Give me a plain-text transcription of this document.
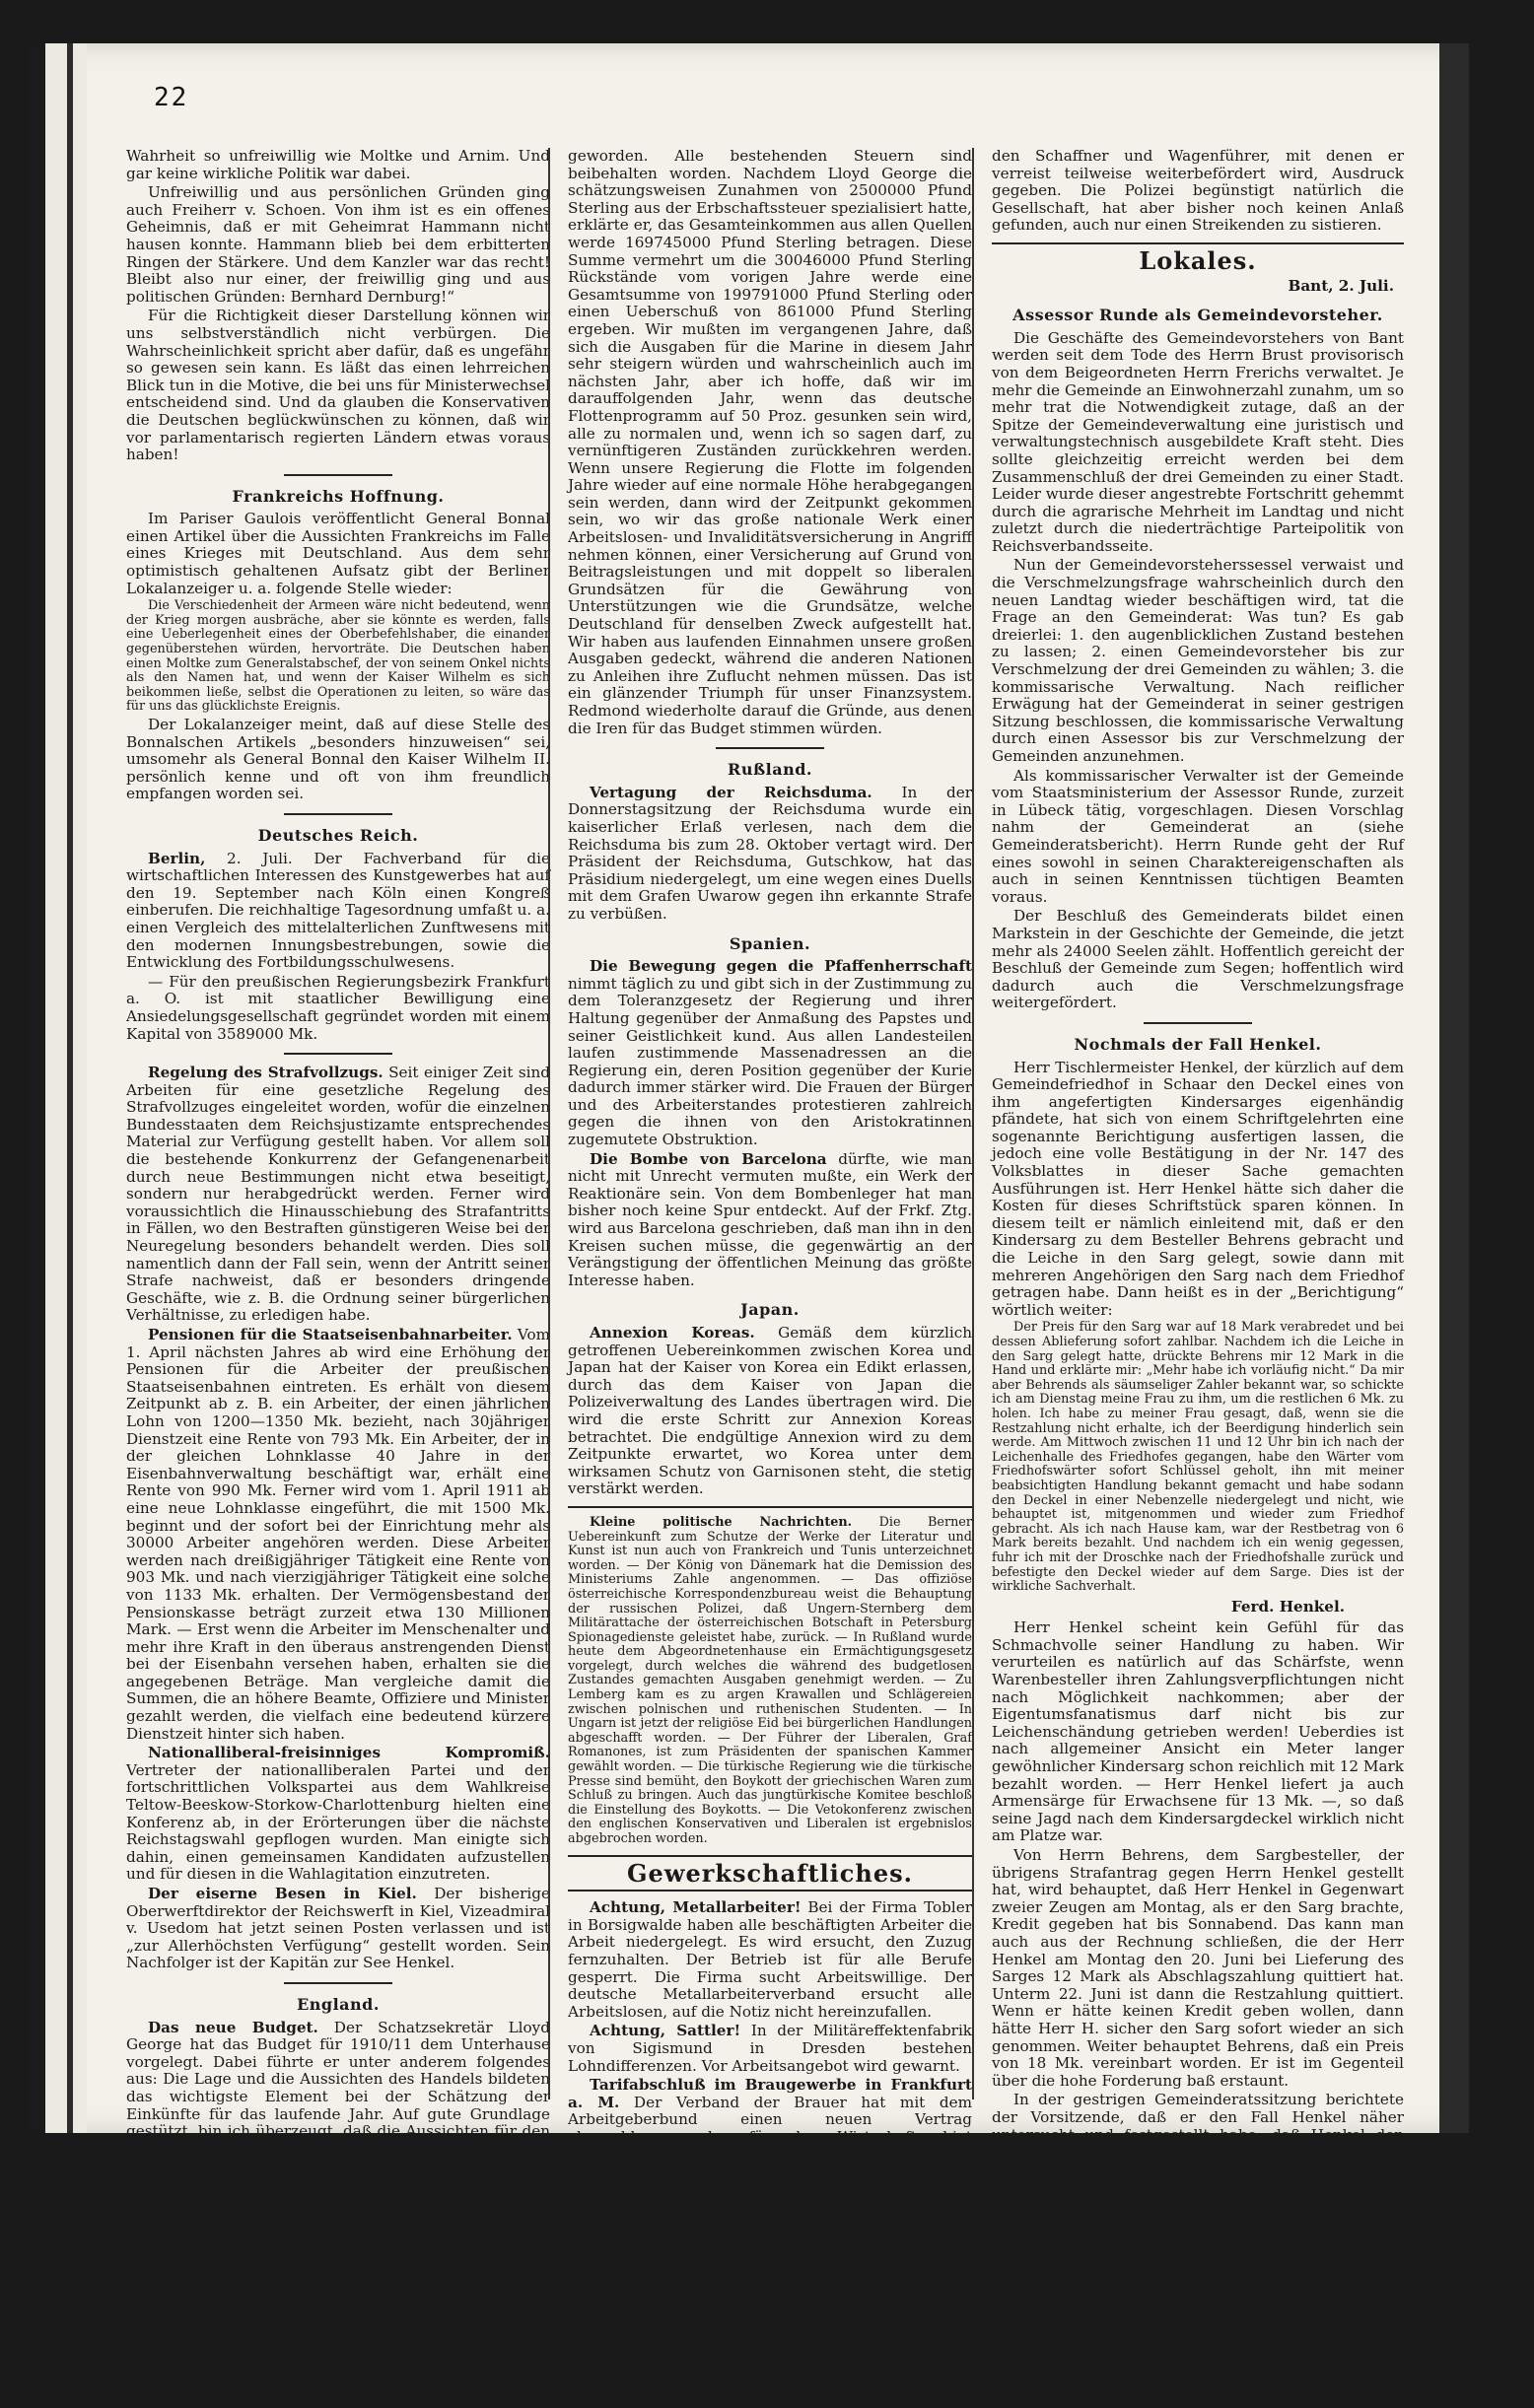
22

Wahrheit so unfreiwillig wie Moltke und Arnim. Und gar keine wirkliche Politik war dabei.

Unfreiwillig und aus persönlichen Gründen ging auch Freiherr v. Schoen. Von ihm ist es ein offenes Geheimnis, daß er mit Geheimrat Hammann nicht hausen konnte. Hammann blieb bei dem erbitterten Ringen der Stärkere. Und dem Kanzler war das recht! Bleibt also nur einer, der freiwillig ging und aus politischen Gründen: Bernhard Dernburg!“

Für die Richtigkeit dieser Darstellung können wir uns selbstverständlich nicht verbürgen. Die Wahrscheinlichkeit spricht aber dafür, daß es ungefähr so gewesen sein kann. Es läßt das einen lehrreichen Blick tun in die Motive, die bei uns für Ministerwechsel entscheidend sind. Und da glauben die Konservativen die Deutschen beglückwünschen zu können, daß wir vor parlamentarisch regierten Ländern etwas voraus haben!

Frankreichs Hoffnung.

Im Pariser Gaulois veröffentlicht General Bonnal einen Artikel über die Aussichten Frankreichs im Falle eines Krieges mit Deutschland. Aus dem sehr optimistisch gehaltenen Aufsatz gibt der Berliner Lokalanzeiger u. a. folgende Stelle wieder:

Die Verschiedenheit der Armeen wäre nicht bedeutend, wenn der Krieg morgen ausbräche, aber sie könnte es werden, falls eine Ueberlegenheit eines der Oberbefehlshaber, die einander gegenüberstehen würden, hervorträte. Die Deutschen haben einen Moltke zum Generalstabschef, der von seinem Onkel nichts als den Namen hat, und wenn der Kaiser Wilhelm es sich beikommen ließe, selbst die Operationen zu leiten, so wäre das für uns das glücklichste Ereignis.

Der Lokalanzeiger meint, daß auf diese Stelle des Bonnalschen Artikels „besonders hinzuweisen“ sei, umsomehr als General Bonnal den Kaiser Wilhelm II. persönlich kenne und oft von ihm freundlich empfangen worden sei.

Deutsches Reich.

Berlin, 2. Juli. Der Fachverband für die wirtschaftlichen Interessen des Kunstgewerbes hat auf den 19. September nach Köln einen Kongreß einberufen. Die reichhaltige Tagesordnung umfaßt u. a. einen Vergleich des mittelalterlichen Zunftwesens mit den modernen Innungsbestrebungen, sowie die Entwicklung des Fortbildungsschulwesens.

— Für den preußischen Regierungsbezirk Frankfurt a. O. ist mit staatlicher Bewilligung eine Ansiedelungsgesellschaft gegründet worden mit einem Kapital von 3589000 Mk.

Regelung des Strafvollzugs. Seit einiger Zeit sind Arbeiten für eine gesetzliche Regelung des Strafvollzuges eingeleitet worden, wofür die einzelnen Bundesstaaten dem Reichsjustizamte entsprechendes Material zur Verfügung gestellt haben. Vor allem soll die bestehende Konkurrenz der Gefangenenarbeit durch neue Bestimmungen nicht etwa beseitigt, sondern nur herabgedrückt werden. Ferner wird voraussichtlich die Hinausschiebung des Strafantritts in Fällen, wo den Bestraften günstigeren Weise bei der Neuregelung besonders behandelt werden. Dies soll namentlich dann der Fall sein, wenn der Antritt seiner Strafe nachweist, daß er besonders dringende Geschäfte, wie z. B. die Ordnung seiner bürgerlichen Verhältnisse, zu erledigen habe.

Pensionen für die Staatseisenbahnarbeiter. Vom 1. April nächsten Jahres ab wird eine Erhöhung der Pensionen für die Arbeiter der preußischen Staatseisenbahnen eintreten. Es erhält von diesem Zeitpunkt ab z. B. ein Arbeiter, der einen jährlichen Lohn von 1200—1350 Mk. bezieht, nach 30jähriger Dienstzeit eine Rente von 793 Mk. Ein Arbeiter, der in der gleichen Lohnklasse 40 Jahre in der Eisenbahnverwaltung beschäftigt war, erhält eine Rente von 990 Mk. Ferner wird vom 1. April 1911 ab eine neue Lohnklasse eingeführt, die mit 1500 Mk. beginnt und der sofort bei der Einrichtung mehr als 30000 Arbeiter angehören werden. Diese Arbeiter werden nach dreißigjähriger Tätigkeit eine Rente von 903 Mk. und nach vierzigjähriger Tätigkeit eine solche von 1133 Mk. erhalten. Der Vermögensbestand der Pensionskasse beträgt zurzeit etwa 130 Millionen Mark. — Erst wenn die Arbeiter im Menschenalter und mehr ihre Kraft in den überaus anstrengenden Dienst bei der Eisenbahn versehen haben, erhalten sie die angegebenen Beträge. Man vergleiche damit die Summen, die an höhere Beamte, Offiziere und Minister gezahlt werden, die vielfach eine bedeutend kürzere Dienstzeit hinter sich haben.

Nationalliberal-freisinniges Kompromiß. Vertreter der nationalliberalen Partei und der fortschrittlichen Volkspartei aus dem Wahlkreise Teltow-Beeskow-Storkow-Charlottenburg hielten eine Konferenz ab, in der Erörterungen über die nächste Reichstagswahl gepflogen wurden. Man einigte sich dahin, einen gemeinsamen Kandidaten aufzustellen und für diesen in die Wahlagitation einzutreten.

Der eiserne Besen in Kiel. Der bisherige Oberwerftdirektor der Reichswerft in Kiel, Vizeadmiral v. Usedom hat jetzt seinen Posten verlassen und ist „zur Allerhöchsten Verfügung“ gestellt worden. Sein Nachfolger ist der Kapitän zur See Henkel.

England.

Das neue Budget. Der Schatzsekretär Lloyd George hat das Budget für 1910/11 dem Unterhause vorgelegt. Dabei führte er unter anderem folgendes aus: Die Lage und die Aussichten des Handels bildeten das wichtigste Element bei der Schätzung der Einkünfte für das laufende Jahr. Auf gute Grundlage gestützt, bin ich überzeugt, daß die Aussichten für den Handel außerordentlich glänzend sind und daß die Getreideernten in der Welt geradezu überreichlich sein werden. Die Handelswelt ist überall hoffnungsfreudiger

geworden. Alle bestehenden Steuern sind beibehalten worden. Nachdem Lloyd George die schätzungsweisen Zunahmen von 2500000 Pfund Sterling aus der Erbschaftssteuer spezialisiert hatte, erklärte er, das Gesamteinkommen aus allen Quellen werde 169745000 Pfund Sterling betragen. Diese Summe vermehrt um die 30046000 Pfund Sterling Rückstände vom vorigen Jahre werde eine Gesamtsumme von 199791000 Pfund Sterling oder einen Ueberschuß von 861000 Pfund Sterling ergeben. Wir mußten im vergangenen Jahre, daß sich die Ausgaben für die Marine in diesem Jahr sehr steigern würden und wahrscheinlich auch im nächsten Jahr, aber ich hoffe, daß wir im darauffolgenden Jahr, wenn das deutsche Flottenprogramm auf 50 Proz. gesunken sein wird, alle zu normalen und, wenn ich so sagen darf, zu vernünftigeren Zuständen zurückkehren werden. Wenn unsere Regierung die Flotte im folgenden Jahre wieder auf eine normale Höhe herabgegangen sein werden, dann wird der Zeitpunkt gekommen sein, wo wir das große nationale Werk einer Arbeitslosen- und Invaliditätsversicherung in Angriff nehmen können, einer Versicherung auf Grund von Beitragsleistungen und mit doppelt so liberalen Grundsätzen für die Gewährung von Unterstützungen wie die Grundsätze, welche Deutschland für denselben Zweck aufgestellt hat. Wir haben aus laufenden Einnahmen unsere großen Ausgaben gedeckt, während die anderen Nationen zu Anleihen ihre Zuflucht nehmen müssen. Das ist ein glänzender Triumph für unser Finanzsystem. Redmond wiederholte darauf die Gründe, aus denen die Iren für das Budget stimmen würden.

Rußland.

Vertagung der Reichsduma. In der Donnerstagsitzung der Reichsduma wurde ein kaiserlicher Erlaß verlesen, nach dem die Reichsduma bis zum 28. Oktober vertagt wird. Der Präsident der Reichsduma, Gutschkow, hat das Präsidium niedergelegt, um eine wegen eines Duells mit dem Grafen Uwarow gegen ihn erkannte Strafe zu verbüßen.

Spanien.

Die Bewegung gegen die Pfaffenherrschaft nimmt täglich zu und gibt sich in der Zustimmung zu dem Toleranzgesetz der Regierung und ihrer Haltung gegenüber der Anmaßung des Papstes und seiner Geistlichkeit kund. Aus allen Landesteilen laufen zustimmende Massenadressen an die Regierung ein, deren Position gegenüber der Kurie dadurch immer stärker wird. Die Frauen der Bürger und des Arbeiterstandes protestieren zahlreich gegen die ihnen von den Aristokratinnen zugemutete Obstruktion.

Die Bombe von Barcelona dürfte, wie man nicht mit Unrecht vermuten mußte, ein Werk der Reaktionäre sein. Von dem Bombenleger hat man bisher noch keine Spur entdeckt. Auf der Frkf. Ztg. wird aus Barcelona geschrieben, daß man ihn in den Kreisen suchen müsse, die gegenwärtig an der Verängstigung der öffentlichen Meinung das größte Interesse haben.

Japan.

Annexion Koreas. Gemäß dem kürzlich getroffenen Uebereinkommen zwischen Korea und Japan hat der Kaiser von Korea ein Edikt erlassen, durch das dem Kaiser von Japan die Polizeiverwaltung des Landes übertragen wird. Die wird die erste Schritt zur Annexion Koreas betrachtet. Die endgültige Annexion wird zu dem Zeitpunkte erwartet, wo Korea unter dem wirksamen Schutz von Garnisonen steht, die stetig verstärkt werden.

Kleine politische Nachrichten. Die Berner Uebereinkunft zum Schutze der Werke der Literatur und Kunst ist nun auch von Frankreich und Tunis unterzeichnet worden. — Der König von Dänemark hat die Demission des Ministeriums Zahle angenommen. — Das offiziöse österreichische Korrespondenzbureau weist die Behauptung der russischen Polizei, daß Ungern-Sternberg dem Militärattache der österreichischen Botschaft in Petersburg Spionagedienste geleistet habe, zurück. — In Rußland wurde heute dem Abgeordnetenhause ein Ermächtigungsgesetz vorgelegt, durch welches die während des budgetlosen Zustandes gemachten Ausgaben genehmigt werden. — Zu Lemberg kam es zu argen Krawallen und Schlägereien zwischen polnischen und ruthenischen Studenten. — In Ungarn ist jetzt der religiöse Eid bei bürgerlichen Handlungen abgeschafft worden. — Der Führer der Liberalen, Graf Romanones, ist zum Präsidenten der spanischen Kammer gewählt worden. — Die türkische Regierung wie die türkische Presse sind bemüht, den Boykott der griechischen Waren zum Schluß zu bringen. Auch das jungtürkische Komitee beschloß die Einstellung des Boykotts. — Die Vetokonferenz zwischen den englischen Konservativen und Liberalen ist ergebnislos abgebrochen worden.

Gewerkschaftliches.

Achtung, Metallarbeiter! Bei der Firma Tobler in Borsigwalde haben alle beschäftigten Arbeiter die Arbeit niedergelegt. Es wird ersucht, den Zuzug fernzuhalten. Der Betrieb ist für alle Berufe gesperrt. Die Firma sucht Arbeitswillige. Der deutsche Metallarbeiterverband ersucht alle Arbeitslosen, auf die Notiz nicht hereinzufallen.

Achtung, Sattler! In der Militäreffektenfabrik von Sigismund in Dresden bestehen Lohndifferenzen. Vor Arbeitsangebot wird gewarnt.

Tarifabschluß im Braugewerbe in Frankfurt a. M. Der Verband der Brauer hat mit dem Arbeitgeberbund einen neuen Vertrag abgeschlossen, der für das Wirtschaftsgebiet Frankfurt a. M. Geltung hat und eine sofortige Arbeitszeitverkürzung von 10 auf 9 Stunden vorsieht. Der Vertrag gilt bis 1915. Es soll eine sofortige Lohnerhöhung von durchschnittlich 1,50 Mk. eintreten. Im Jahre 1915 sollen die Löhne um ungefähr 5 Mk. pro Woche für jeden einzelnen Arbeiter erhöht werden. Der Vertrag betrifft einige Tausend Arbeiter.

Der Streik bei der Hamburg-Altonaer Zentralbahn dauert fort. Die gemeldeten schweren Zusammenstöße zwischen Streikenden und der Polizei haben nicht stattgefunden. Die Streikenden, deren Zahl jetzt auf 163 gestiegen ist, verhalten sich musterhaft. Das Publikum hat allerdings mehrfach seiner Abneigung gegen die streikbrechen-

den Schaffner und Wagenführer, mit denen er verreist teilweise weiterbefördert wird, Ausdruck gegeben. Die Polizei begünstigt natürlich die Gesellschaft, hat aber bisher noch keinen Anlaß gefunden, auch nur einen Streikenden zu sistieren.

Lokales.
Bant, 2. Juli.
Assessor Runde als Gemeindevorsteher.

Die Geschäfte des Gemeindevorstehers von Bant werden seit dem Tode des Herrn Brust provisorisch von dem Beigeordneten Herrn Frerichs verwaltet. Je mehr die Gemeinde an Einwohnerzahl zunahm, um so mehr trat die Notwendigkeit zutage, daß an der Spitze der Gemeindeverwaltung eine juristisch und verwaltungstechnisch ausgebildete Kraft steht. Dies sollte gleichzeitig erreicht werden bei dem Zusammenschluß der drei Gemeinden zu einer Stadt. Leider wurde dieser angestrebte Fortschritt gehemmt durch die agrarische Mehrheit im Landtag und nicht zuletzt durch die niederträchtige Parteipolitik von Reichsverbandsseite.

Nun der Gemeindevorsteherssessel verwaist und die Verschmelzungsfrage wahrscheinlich durch den neuen Landtag wieder beschäftigen wird, tat die Frage an den Gemeinderat: Was tun? Es gab dreierlei: 1. den augenblicklichen Zustand bestehen zu lassen; 2. einen Gemeindevorsteher bis zur Verschmelzung der drei Gemeinden zu wählen; 3. die kommissarische Verwaltung. Nach reiflicher Erwägung hat der Gemeinderat in seiner gestrigen Sitzung beschlossen, die kommissarische Verwaltung durch einen Assessor bis zur Verschmelzung der Gemeinden anzunehmen.

Als kommissarischer Verwalter ist der Gemeinde vom Staatsministerium der Assessor Runde, zurzeit in Lübeck tätig, vorgeschlagen. Diesen Vorschlag nahm der Gemeinderat an (siehe Gemeinderatsbericht). Herrn Runde geht der Ruf eines sowohl in seinen Charaktereigenschaften als auch in seinen Kenntnissen tüchtigen Beamten voraus.

Der Beschluß des Gemeinderats bildet einen Markstein in der Geschichte der Gemeinde, die jetzt mehr als 24000 Seelen zählt. Hoffentlich gereicht der Beschluß der Gemeinde zum Segen; hoffentlich wird dadurch auch die Verschmelzungsfrage weitergefördert.

Nochmals der Fall Henkel.

Herr Tischlermeister Henkel, der kürzlich auf dem Gemeindefriedhof in Schaar den Deckel eines von ihm angefertigten Kindersarges eigenhändig pfändete, hat sich von einem Schriftgelehrten eine sogenannte Berichtigung ausfertigen lassen, die jedoch eine volle Bestätigung in der Nr. 147 des Volksblattes in dieser Sache gemachten Ausführungen ist. Herr Henkel hätte sich daher die Kosten für dieses Schriftstück sparen können. In diesem teilt er nämlich einleitend mit, daß er den Kindersarg zu dem Besteller Behrens gebracht und die Leiche in den Sarg gelegt, sowie dann mit mehreren Angehörigen den Sarg nach dem Friedhof getragen habe. Dann heißt es in der „Berichtigung“ wörtlich weiter:

Der Preis für den Sarg war auf 18 Mark verabredet und bei dessen Ablieferung sofort zahlbar. Nachdem ich die Leiche in den Sarg gelegt hatte, drückte Behrens mir 12 Mark in die Hand und erklärte mir: „Mehr habe ich vorläufig nicht.“ Da mir aber Behrends als säumseliger Zahler bekannt war, so schickte ich am Dienstag meine Frau zu ihm, um die restlichen 6 Mk. zu holen. Ich habe zu meiner Frau gesagt, daß, wenn sie die Restzahlung nicht erhalte, ich der Beerdigung hinderlich sein werde. Am Mittwoch zwischen 11 und 12 Uhr bin ich nach der Leichenhalle des Friedhofes gegangen, habe den Wärter vom Friedhofswärter sofort Schlüssel geholt, ihn mit meiner beabsichtigten Handlung bekannt gemacht und habe sodann den Deckel in einer Nebenzelle niedergelegt und nicht, wie behauptet ist, mitgenommen und wieder zum Friedhof gebracht. Als ich nach Hause kam, war der Restbetrag von 6 Mark bereits bezahlt. Und nachdem ich ein wenig gegessen, fuhr ich mit der Droschke nach der Friedhofshalle zurück und befestigte den Deckel wieder auf dem Sarge. Dies ist der wirkliche Sachverhalt.

Ferd. Henkel.

Herr Henkel scheint kein Gefühl für das Schmachvolle seiner Handlung zu haben. Wir verurteilen es natürlich auf das Schärfste, wenn Warenbesteller ihren Zahlungsverpflichtungen nicht nach Möglichkeit nachkommen; aber der Eigentumsfanatismus darf nicht bis zur Leichenschändung getrieben werden! Ueberdies ist nach allgemeiner Ansicht ein Meter langer gewöhnlicher Kindersarg schon reichlich mit 12 Mark bezahlt worden. — Herr Henkel liefert ja auch Armensärge für Erwachsene für 13 Mk. —, so daß seine Jagd nach dem Kindersargdeckel wirklich nicht am Platze war.

Von Herrn Behrens, dem Sargbesteller, der übrigens Strafantrag gegen Herrn Henkel gestellt hat, wird behauptet, daß Herr Henkel in Gegenwart zweier Zeugen am Montag, als er den Sarg brachte, Kredit gegeben hat bis Sonnabend. Das kann man auch aus der Rechnung schließen, die der Herr Henkel am Montag den 20. Juni bei Lieferung des Sarges 12 Mark als Abschlagszahlung quittiert hat. Unterm 22. Juni ist dann die Restzahlung quittiert. Wenn er hätte keinen Kredit geben wollen, dann hätte Herr H. sicher den Sarg sofort wieder an sich genommen. Weiter behauptet Behrens, daß ein Preis von 18 Mk. vereinbart worden. Er ist im Gegenteil über die hohe Forderung baß erstaunt.

In der gestrigen Gemeinderatssitzung berichtete der Vorsitzende, daß er den Fall Henkel näher untersucht und festgestellt habe, daß Henkel den Friedhofswärter von seinem Vorhaben in Kenntnis gesetzt habe. Da Henkel aber dem Wärter androhte, er werde ihn zivilrechtlich für allen Schaden verantwortlich machen, wenn er ihn an der Ausführung seines Pfandrechts hindere, so ließ der Wärter, ohne energisch dagegen einzuschreiten, die Konfiskation des Sargdeckels zu und berichtete dann erst an den Gemeindevorstand um Instruktion. Dieser hat dann sofort eingegriffen und
